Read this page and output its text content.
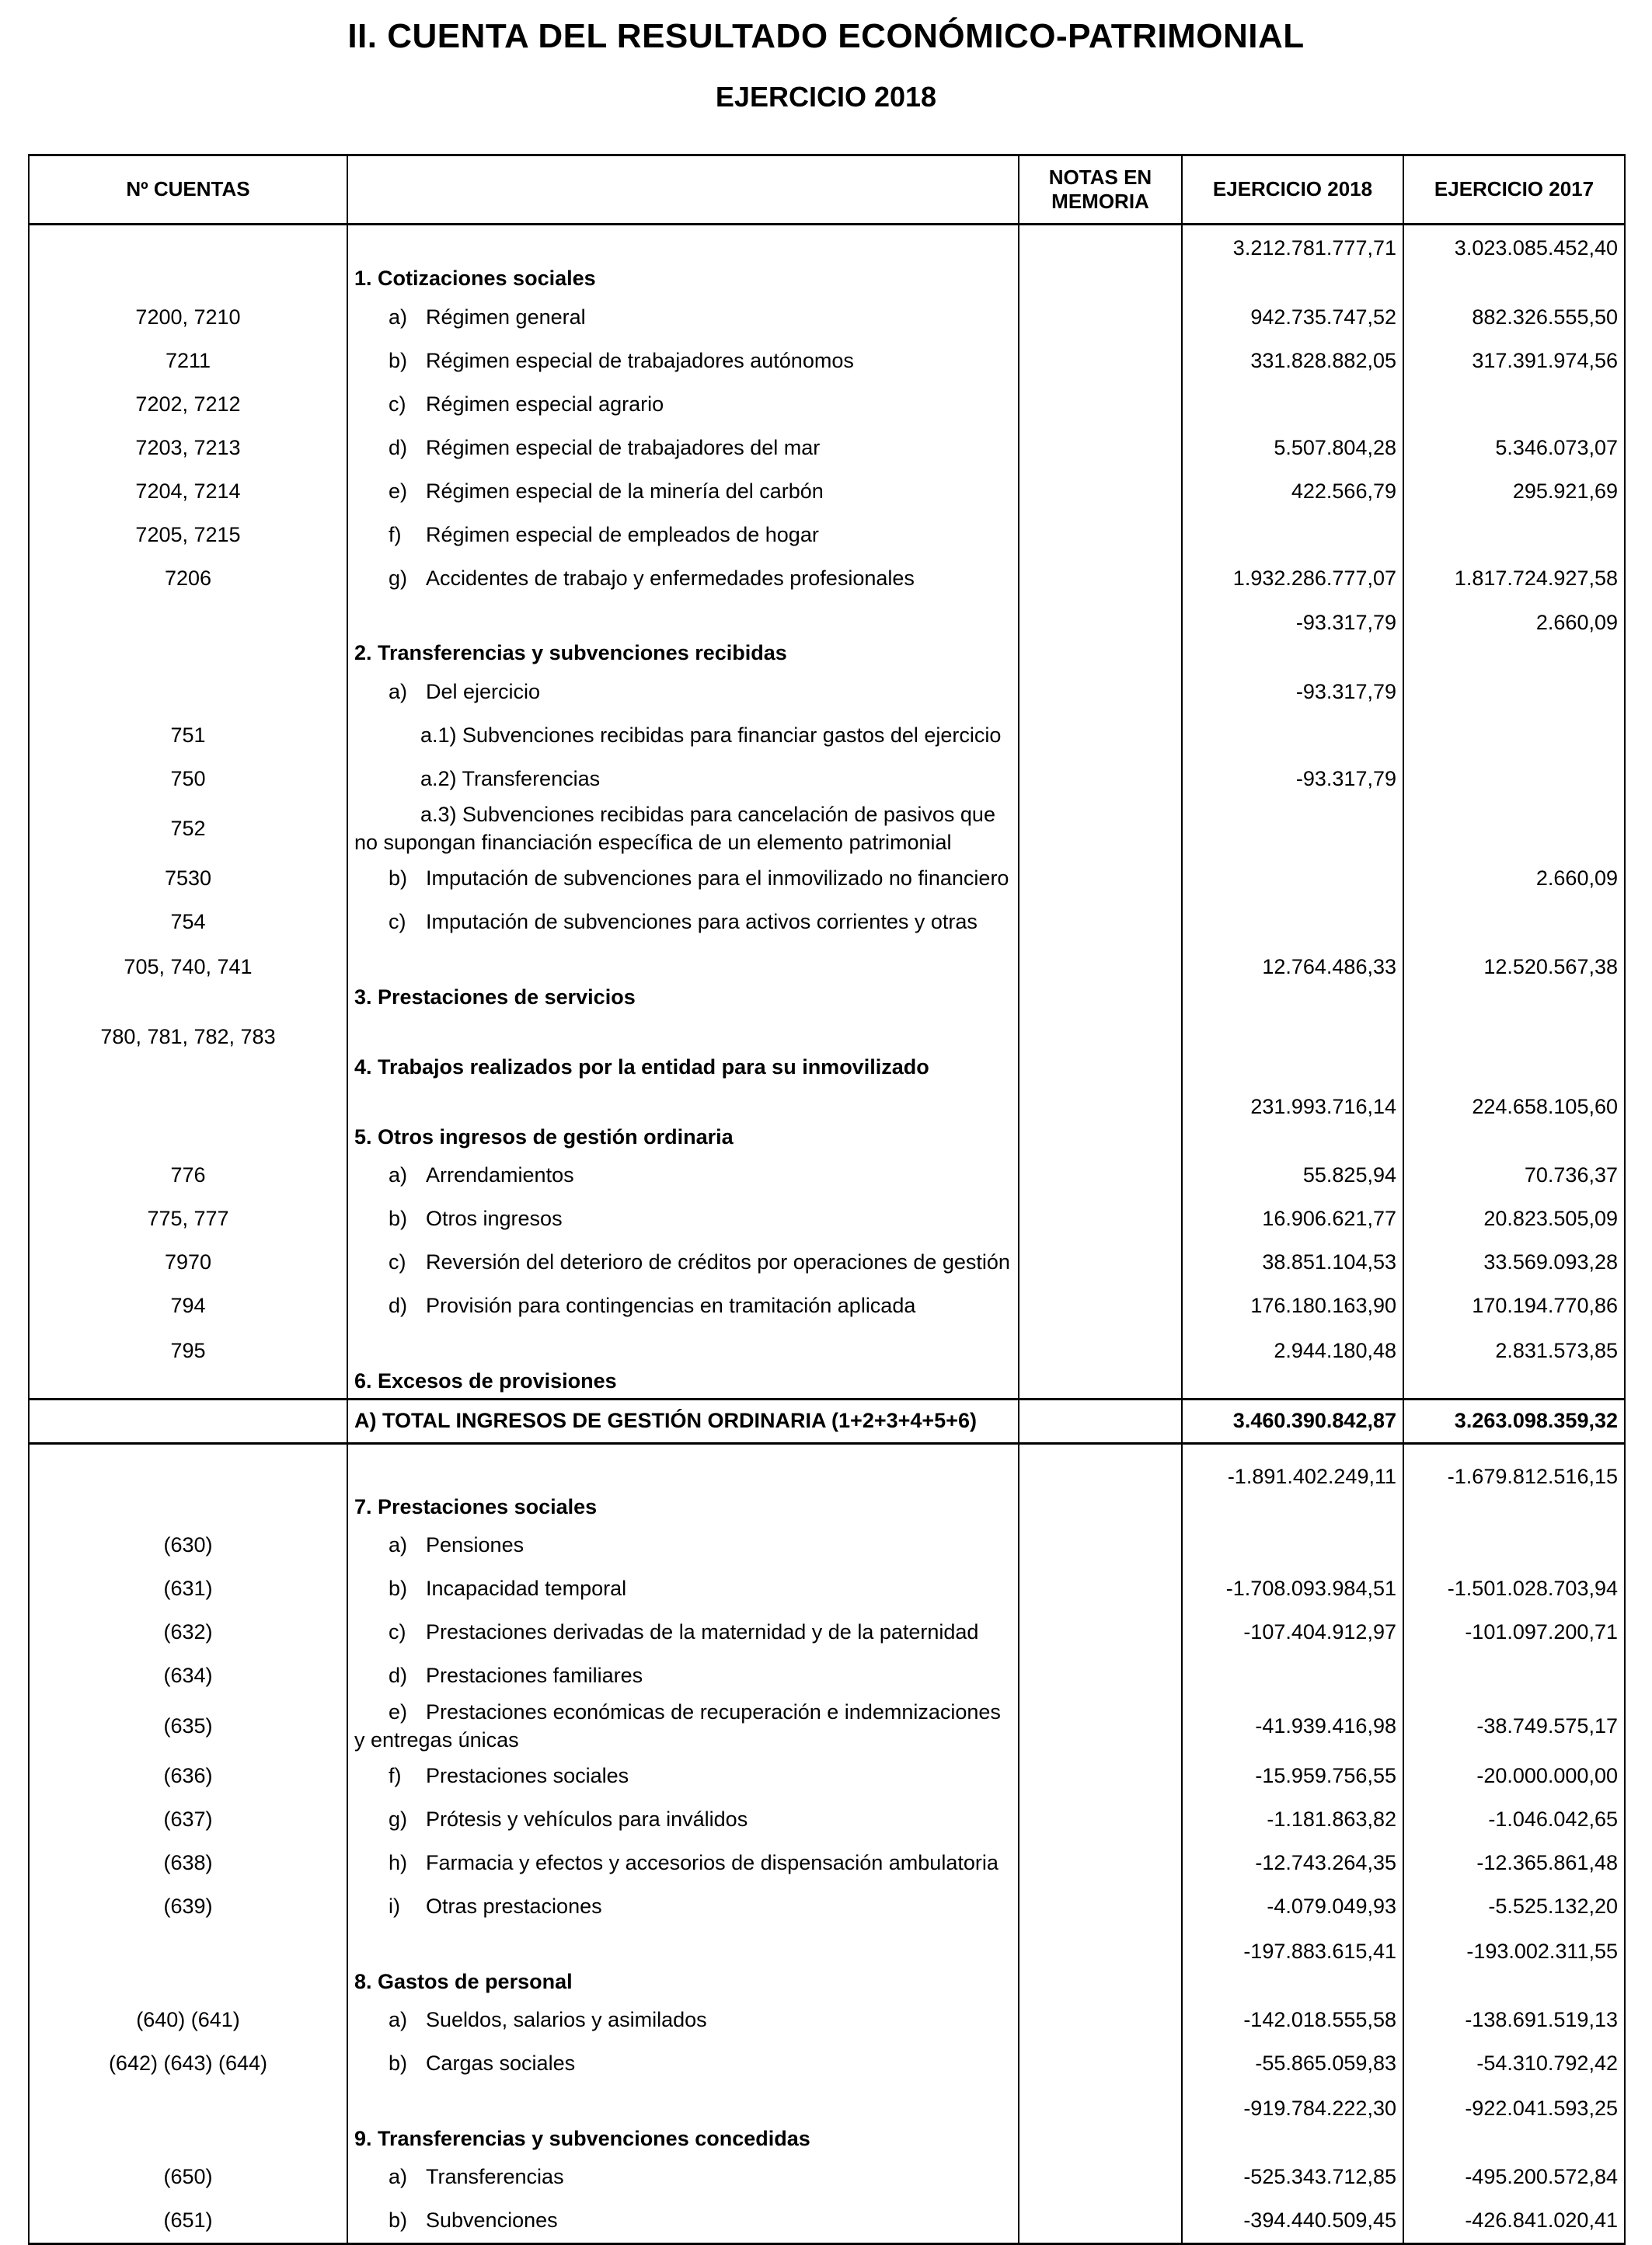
II. CUENTA DEL RESULTADO ECONÓMICO-PATRIMONIAL
EJERCICIO 2018
Nº CUENTAS		NOTAS EN MEMORIA	EJERCICIO 2018	EJERCICIO 2017
	1. Cotizaciones sociales		3.212.781.777,71	3.023.085.452,40
7200, 7210	a) Régimen general		942.735.747,52	882.326.555,50
7211	b) Régimen especial de trabajadores autónomos		331.828.882,05	317.391.974,56
7202, 7212	c) Régimen especial agrario			
7203, 7213	d) Régimen especial de trabajadores del mar		5.507.804,28	5.346.073,07
7204, 7214	e) Régimen especial de la minería del carbón		422.566,79	295.921,69
7205, 7215	f) Régimen especial de empleados de hogar			
7206	g) Accidentes de trabajo y enfermedades profesionales		1.932.286.777,07	1.817.724.927,58
	2. Transferencias y subvenciones recibidas		-93.317,79	2.660,09
	a) Del ejercicio		-93.317,79	
751	a.1) Subvenciones recibidas para financiar gastos del ejercicio			
750	a.2) Transferencias		-93.317,79	
752	a.3) Subvenciones recibidas para cancelación de pasivos que
no supongan financiación específica de un elemento patrimonial			

7530	b) Imputación de subvenciones para el inmovilizado no financiero			2.660,09
754	c) Imputación de subvenciones para activos corrientes y otras			
705, 740, 741	3. Prestaciones de servicios		12.764.486,33	12.520.567,38
780, 781, 782, 783	4. Trabajos realizados por la entidad para su inmovilizado			
	5. Otros ingresos de gestión ordinaria		231.993.716,14	224.658.105,60
776	a) Arrendamientos		55.825,94	70.736,37
775, 777	b) Otros ingresos		16.906.621,77	20.823.505,09
7970	c) Reversión del deterioro de créditos por operaciones de gestión		38.851.104,53	33.569.093,28
794	d) Provisión para contingencias en tramitación aplicada		176.180.163,90	170.194.770,86
795	6. Excesos de provisiones		2.944.180,48	2.831.573,85
	A) TOTAL INGRESOS DE GESTIÓN ORDINARIA (1+2+3+4+5+6)		3.460.390.842,87	3.263.098.359,32

	7. Prestaciones sociales		-1.891.402.249,11	-1.679.812.516,15
(630)	a) Pensiones			
(631)	b) Incapacidad temporal		-1.708.093.984,51	-1.501.028.703,94
(632)	c) Prestaciones derivadas de la maternidad y de la paternidad		-107.404.912,97	-101.097.200,71
(634)	d) Prestaciones familiares			
(635)	e) Prestaciones económicas de recuperación e indemnizaciones
y entregas únicas		-41.939.416,98	-38.749.575,17
(636)	f) Prestaciones sociales		-15.959.756,55	-20.000.000,00
(637)	g) Prótesis y vehículos para inválidos		-1.181.863,82	-1.046.042,65
(638)	h) Farmacia y efectos y accesorios de dispensación ambulatoria		-12.743.264,35	-12.365.861,48
(639)	i) Otras prestaciones		-4.079.049,93	-5.525.132,20
	8. Gastos de personal		-197.883.615,41	-193.002.311,55
(640) (641)	a) Sueldos, salarios y asimilados		-142.018.555,58	-138.691.519,13
(642) (643) (644)	b) Cargas sociales		-55.865.059,83	-54.310.792,42
	9. Transferencias y subvenciones concedidas		-919.784.222,30	-922.041.593,25
(650)	a) Transferencias		-525.343.712,85	-495.200.572,84
(651)	b) Subvenciones		-394.440.509,45	-426.841.020,41
